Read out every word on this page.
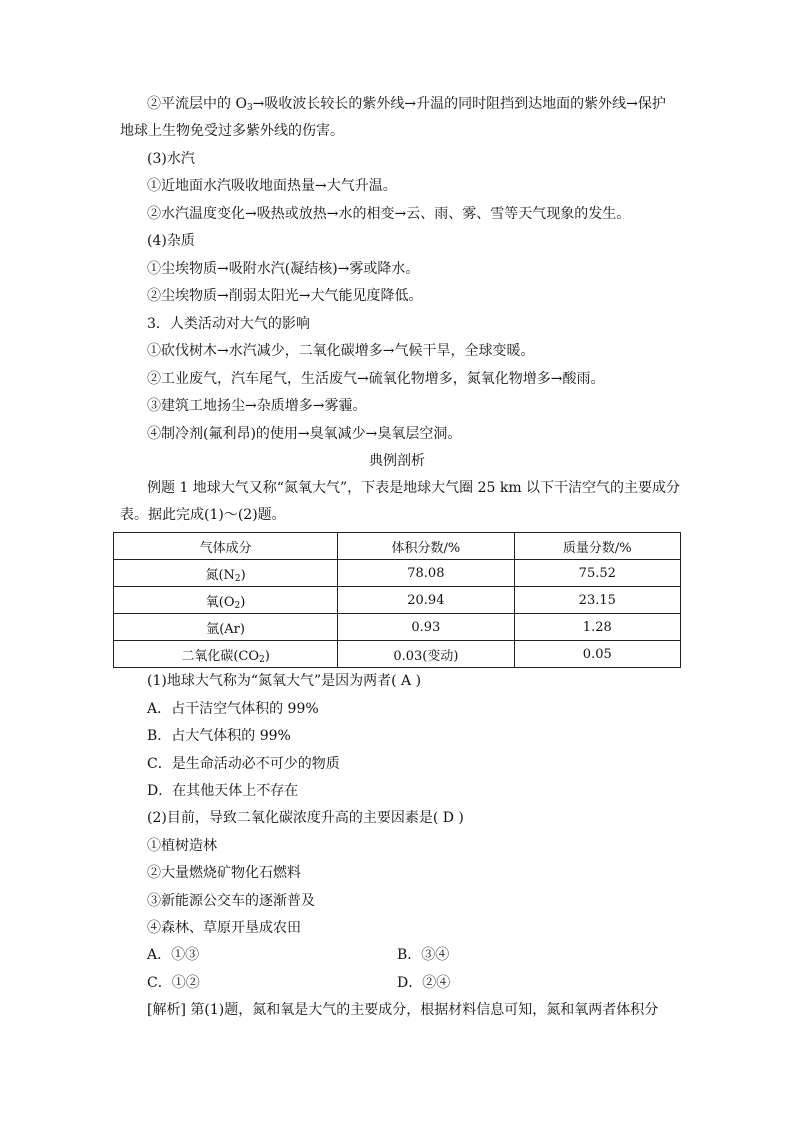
②平流层中的 $O_3\to$吸收波长较长的紫外线→升温的同时阻挡到达地面的紫外线→保护
地球上生物免受过多紫外线的伤害。
(3)水汽
①近地面水汽吸收地面热量→大气升温。
②水汽温度变化→吸热或放热→水的相变→云、雨、雾、雪等天气现象的发生。
(4)杂质
①尘埃物质→吸附水汽(凝结核)→雾或降水。
②尘埃物质→削弱太阳光→大气能见度降低。
3．人类活动对大气的影响
①砍伐树木→水汽减少，二氧化碳增多→气候干旱，全球变暖。
②工业废气，汽车尾气，生活废气→硫氧化物增多，氮氧化物增多→酸雨。
③建筑工地扬尘→杂质增多→雾霾。
④制冷剂(氟利昂)的使用→臭氧减少→臭氧层空洞。
典例剖析
例题 1 地球大气又称“氮氧大气”，下表是地球大气圈 25 km 以下干洁空气的主要成分
表。据此完成(1)～(2)题。
气体成分	体积分数/%	质量分数/%
氮$(N_2)$	78.08	75.52
氧$(O_2)$	20.94	23.15
氩(Ar)	0.93	1.28
二氧化碳$(CO_2)$	0.03(变动)	0.05
(1)地球大气称为“氮氧大气”是因为两者( A )
A．占干洁空气体积的 99%
B．占大气体积的 99%
C．是生命活动必不可少的物质
D．在其他天体上不存在
(2)目前，导致二氧化碳浓度升高的主要因素是( D )
①植树造林
②大量燃烧矿物化石燃料
③新能源公交车的逐渐普及
④森林、草原开垦成农田
A．①③	B．③④
C．①②	D．②④
[解析] 第(1)题，氮和氧是大气的主要成分，根据材料信息可知，氮和氧两者体积分
